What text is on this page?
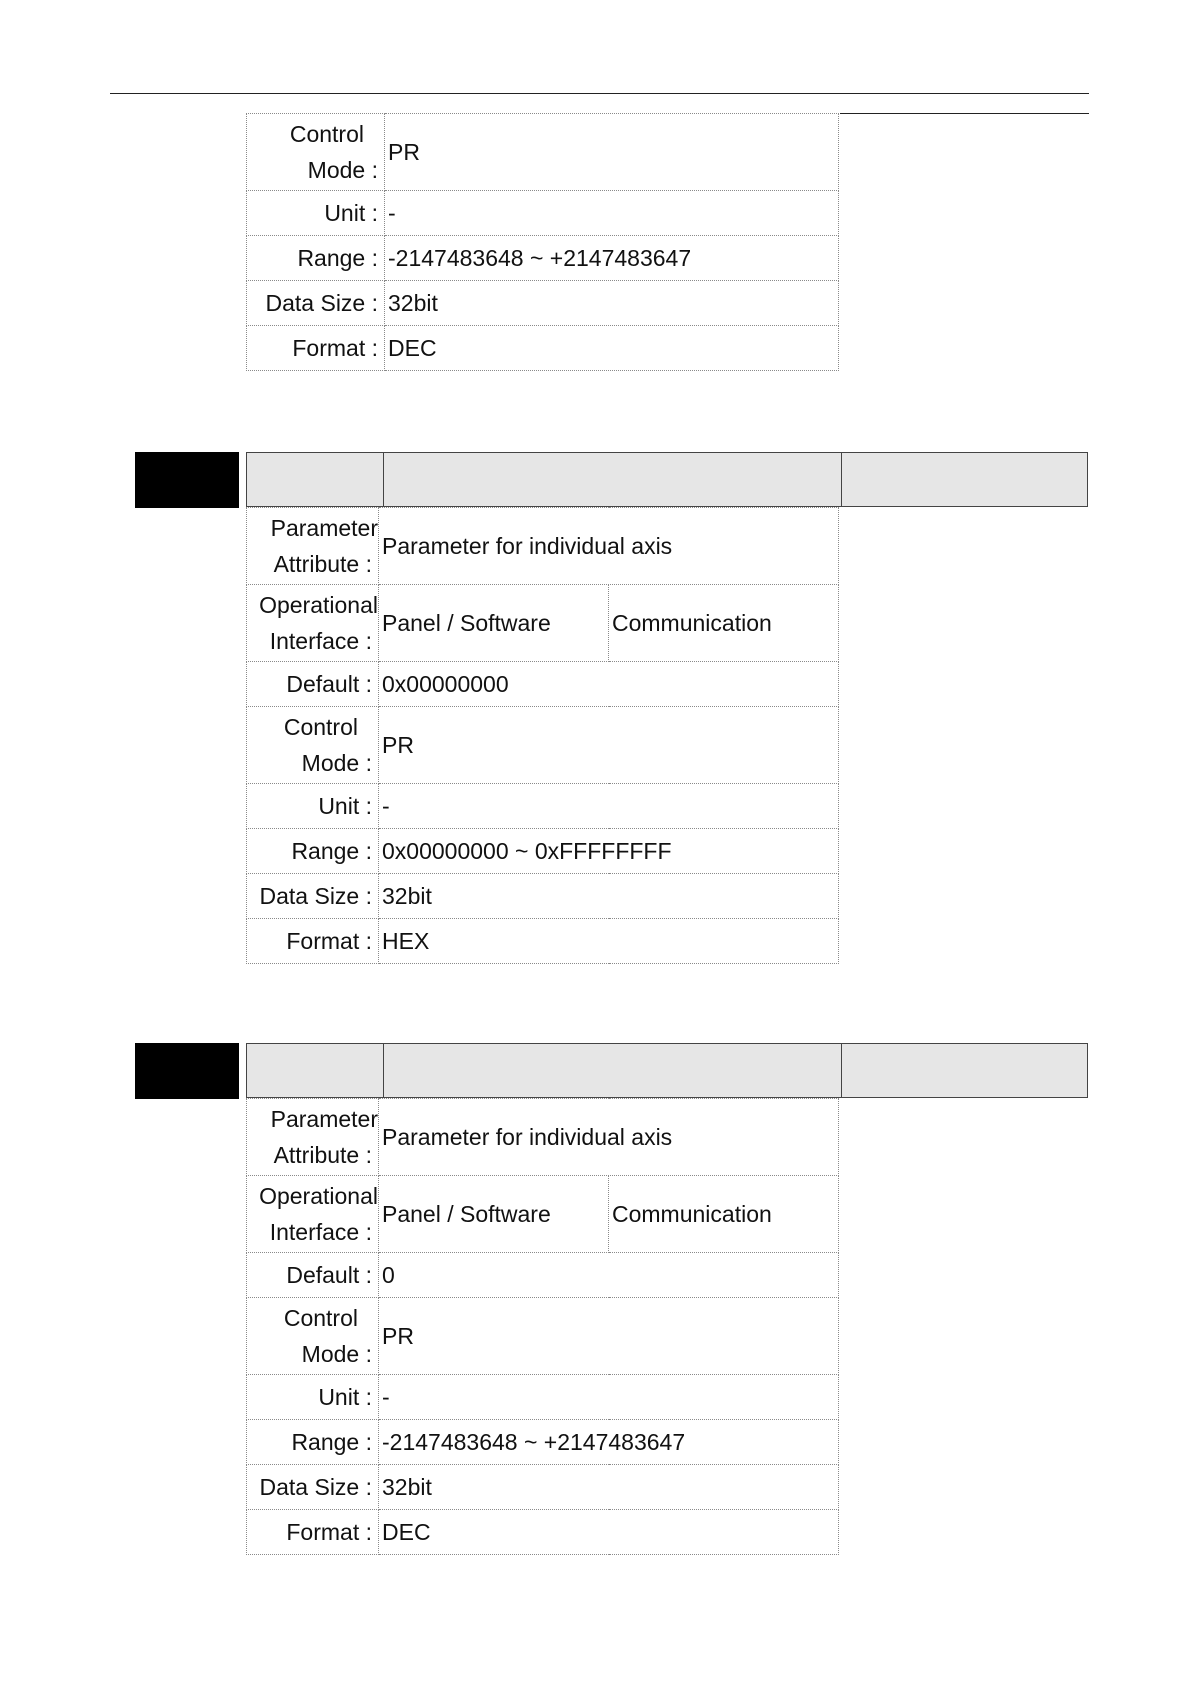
Control
Mode :	PR
Unit :	-
Range :	-2147483648 ~ +2147483647
Data Size :	32bit
Format :	DEC
Parameter
Attribute :	Parameter for individual axis	

Operational
Interface :	Panel / Software	Communication
Default :	0x00000000	

Control
Mode :	PR	
Unit :	-	
Range :	0x00000000 ~ 0xFFFFFFFF	
Data Size :	32bit	
Format :	HEX	
Parameter
Attribute :	Parameter for individual axis	

Operational
Interface :	Panel / Software	Communication
Default :	0	

Control
Mode :	PR	
Unit :	-	
Range :	-2147483648 ~ +2147483647	
Data Size :	32bit	
Format :	DEC	
